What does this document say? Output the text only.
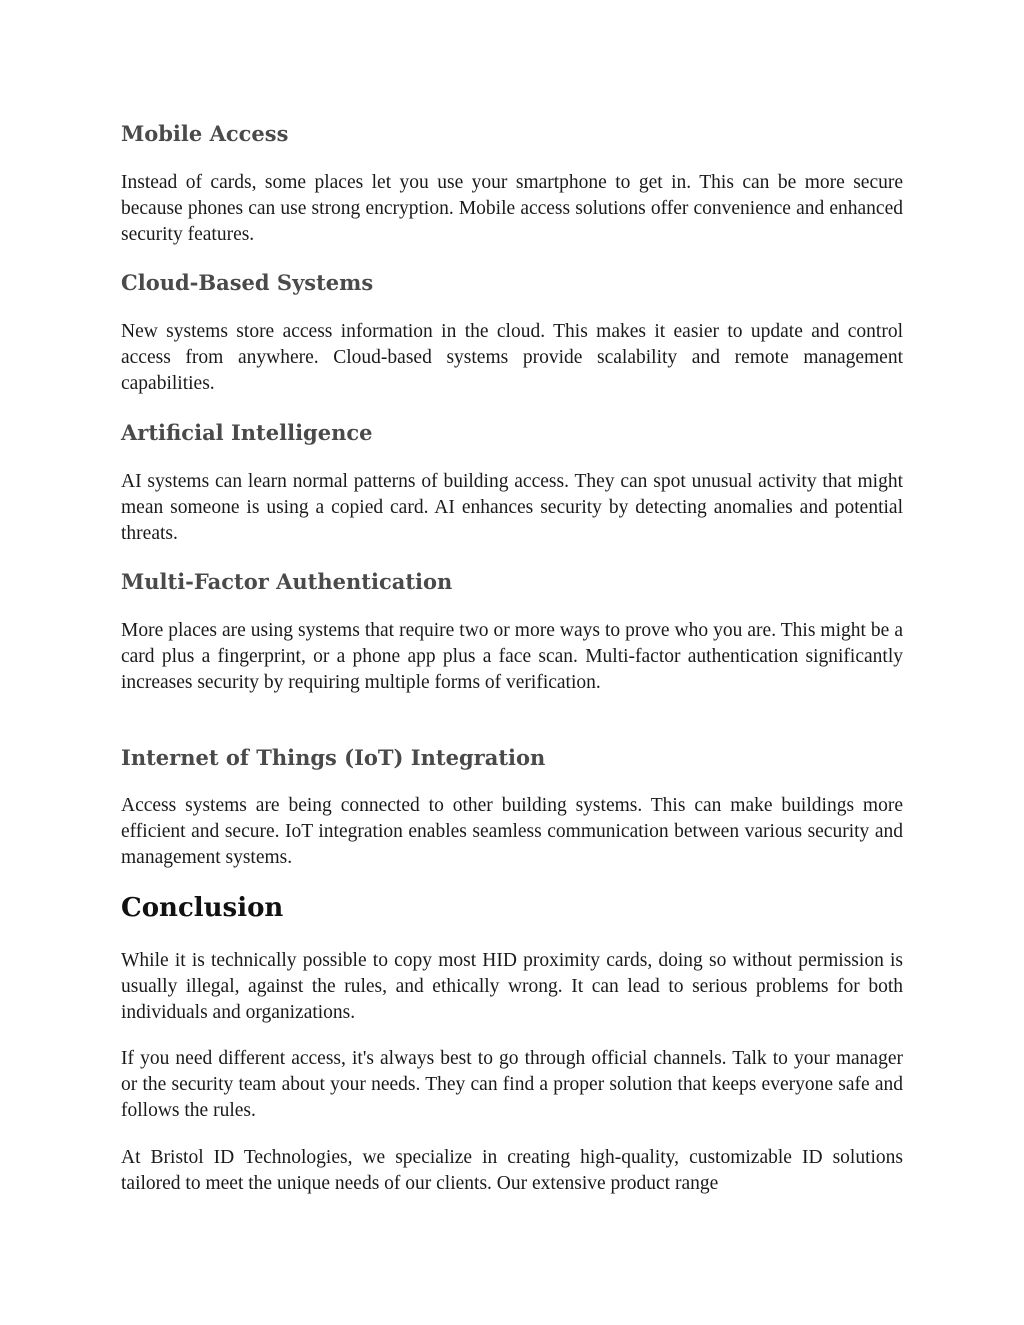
Mobile Access

Instead of cards, some places let you use your smartphone to get in. This can be more secure because phones can use strong encryption. Mobile access solutions offer convenience and enhanced security features.

Cloud-Based Systems

New systems store access information in the cloud. This makes it easier to update and control access from anywhere. Cloud-based systems provide scalability and remote management capabilities.

Artificial Intelligence

AI systems can learn normal patterns of building access. They can spot unusual activity that might mean someone is using a copied card. AI enhances security by detecting anomalies and potential threats.

Multi-Factor Authentication

More places are using systems that require two or more ways to prove who you are. This might be a card plus a fingerprint, or a phone app plus a face scan. Multi-factor authentication significantly increases security by requiring multiple forms of verification.

Internet of Things (IoT) Integration

Access systems are being connected to other building systems. This can make buildings more efficient and secure. IoT integration enables seamless communication between various security and management systems.

Conclusion

While it is technically possible to copy most HID proximity cards, doing so without permission is usually illegal, against the rules, and ethically wrong. It can lead to serious problems for both individuals and organizations.

If you need different access, it's always best to go through official channels. Talk to your manager or the security team about your needs. They can find a proper solution that keeps everyone safe and follows the rules.

At Bristol ID Technologies, we specialize in creating high-quality, customizable ID solutions tailored to meet the unique needs of our clients. Our extensive product range
